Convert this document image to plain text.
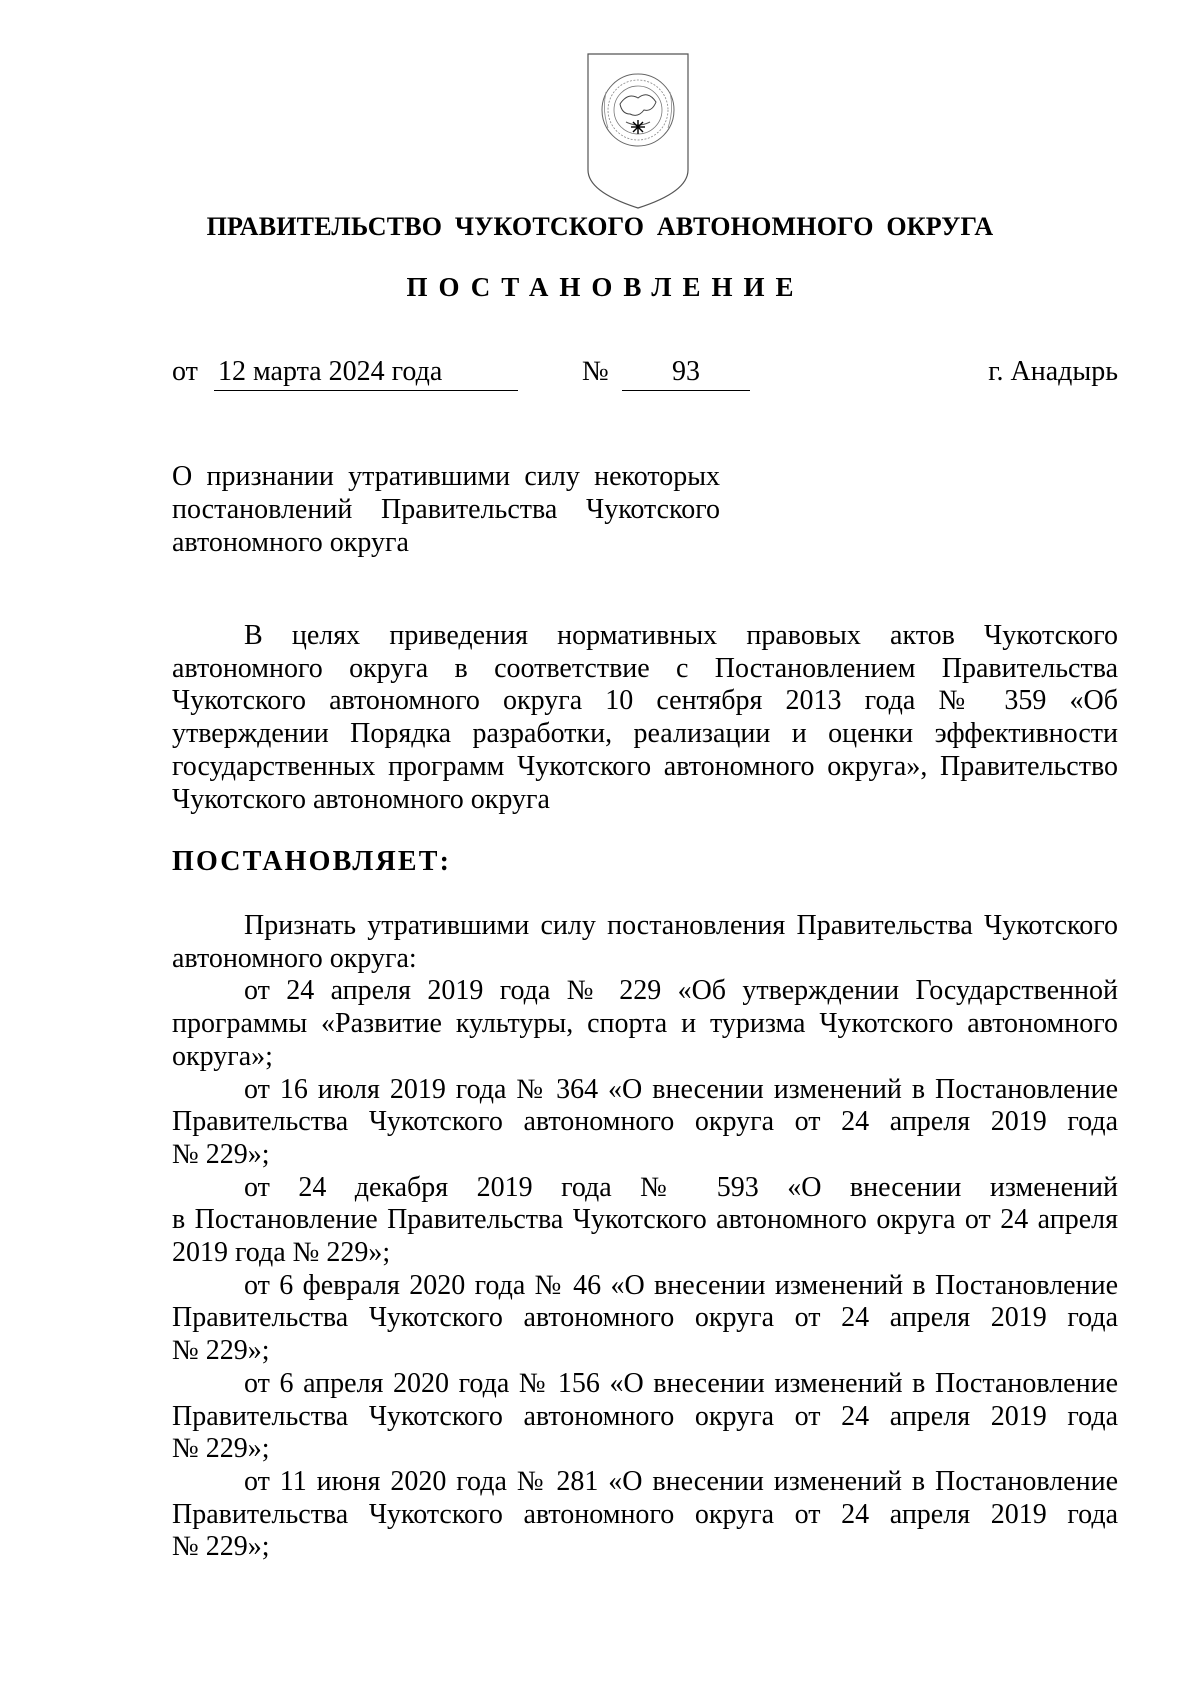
ПРАВИТЕЛЬСТВО ЧУКОТСКОГО АВТОНОМНОГО ОКРУГА
ПОСТАНОВЛЕНИЕ
от 12 марта 2024 года	№ 93	г. Анадырь

О признании утратившими силу некоторых
постановлений Правительства Чукотского
автономного округа

В целях приведения нормативных правовых актов Чукотского
автономного округа в соответствие с Постановлением Правительства
Чукотского автономного округа 10 сентября 2013 года № 359 «Об
утверждении Порядка разработки, реализации и оценки эффективности
государственных программ Чукотского автономного округа», Правительство
Чукотского автономного округа

ПОСТАНОВЛЯЕТ:

Признать утратившими силу постановления Правительства Чукотского
автономного округа:
от 24 апреля 2019 года № 229 «Об утверждении Государственной
программы «Развитие культуры, спорта и туризма Чукотского автономного
округа»;
от 16 июля 2019 года № 364 «О внесении изменений в Постановление
Правительства Чукотского автономного округа от 24 апреля 2019 года
№ 229»;
от 24 декабря 2019 года № 593 «О внесении изменений
в Постановление Правительства Чукотского автономного округа от 24 апреля
2019 года № 229»;
от 6 февраля 2020 года № 46 «О внесении изменений в Постановление
Правительства Чукотского автономного округа от 24 апреля 2019 года
№ 229»;
от 6 апреля 2020 года № 156 «О внесении изменений в Постановление
Правительства Чукотского автономного округа от 24 апреля 2019 года
№ 229»;
от 11 июня 2020 года № 281 «О внесении изменений в Постановление
Правительства Чукотского автономного округа от 24 апреля 2019 года
№ 229»;
